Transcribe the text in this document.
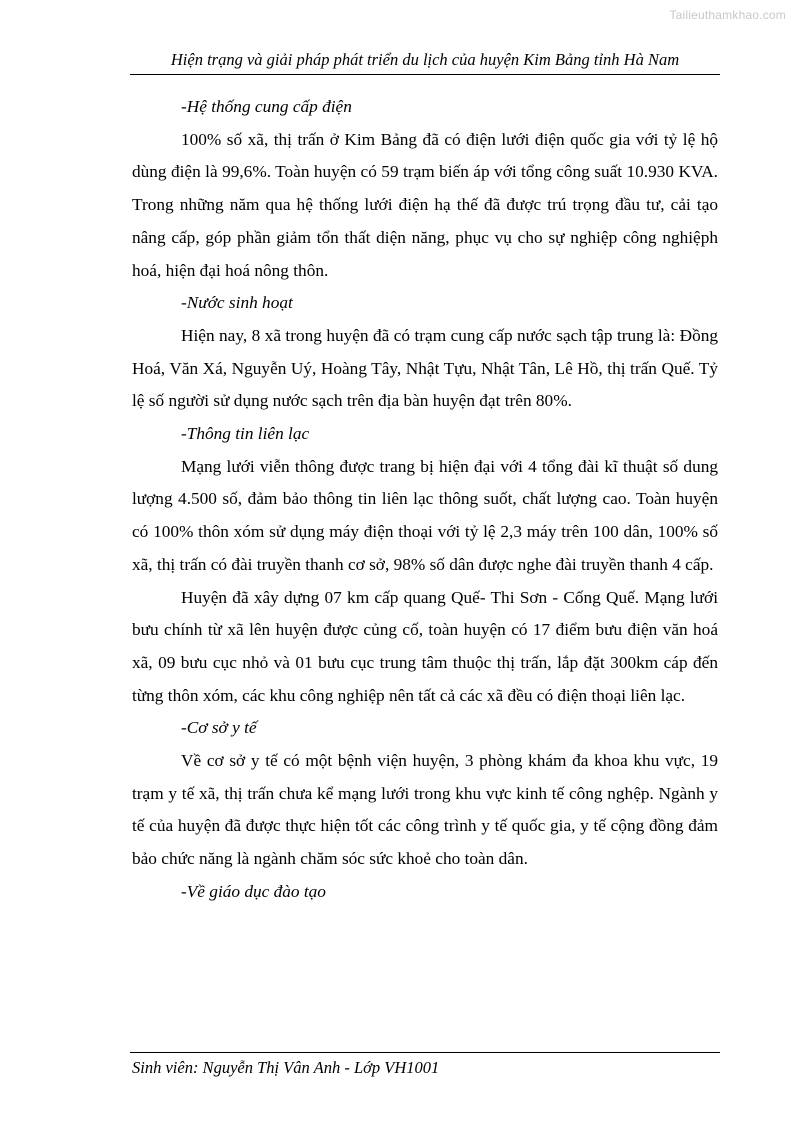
Tailieuthamkhao.com
Hiện trạng và giải pháp phát triển du lịch của huyện Kim Bảng tỉnh Hà Nam

-Hệ thống cung cấp điện

100% số xã, thị trấn ở Kim Bảng đã có điện lưới điện quốc gia với tỷ lệ hộ dùng điện là 99,6%. Toàn huyện có 59 trạm biến áp với tổng công suất 10.930 KVA. Trong những năm qua hệ thống lưới điện hạ thế đã được trú trọng đầu tư, cải tạo nâng cấp, góp phần giảm tổn thất diện năng, phục vụ cho sự nghiệp công nghiệph hoá, hiện đại hoá nông thôn.

-Nước sinh hoạt

Hiện nay, 8 xã trong huyện đã có trạm cung cấp nước sạch tập trung là: Đồng Hoá, Văn Xá, Nguyễn Uý, Hoàng Tây, Nhật Tựu, Nhật Tân, Lê Hồ, thị trấn Quế. Tỷ lệ số người sử dụng nước sạch trên địa bàn huyện đạt trên 80%.

-Thông tin liên lạc

Mạng lưới viễn thông được trang bị hiện đại với 4 tổng đài kĩ thuật số dung lượng 4.500 số, đảm bảo thông tin liên lạc thông suốt, chất lượng cao. Toàn huyện có 100% thôn xóm sử dụng máy điện thoại với tỷ lệ 2,3 máy trên 100 dân, 100% số xã, thị trấn có đài truyền thanh cơ sở, 98% số dân được nghe đài truyền thanh 4 cấp.

Huyện đã xây dựng 07 km cấp quang Quế- Thi Sơn - Cống Quế. Mạng lưới bưu chính từ xã lên huyện được củng cố, toàn huyện có 17 điểm bưu điện văn hoá xã, 09 bưu cục nhỏ và 01 bưu cục trung tâm thuộc thị trấn, lắp đặt 300km cáp đến từng thôn xóm, các khu công nghiệp nên tất cả các xã đều có điện thoại liên lạc.

-Cơ sở y tế

Về cơ sở y tế có một bệnh viện huyện, 3 phòng khám đa khoa khu vực, 19 trạm y tế xã, thị trấn chưa kể mạng lưới trong khu vực kinh tế công nghệp. Ngành y tế của huyện đã được thực hiện tốt các công trình y tế quốc gia, y tế cộng đồng đảm bảo chức năng là ngành chăm sóc sức khoẻ cho toàn dân.

-Về giáo dục đào tạo

Sinh viên: Nguyễn Thị Vân Anh - Lớp VH1001
